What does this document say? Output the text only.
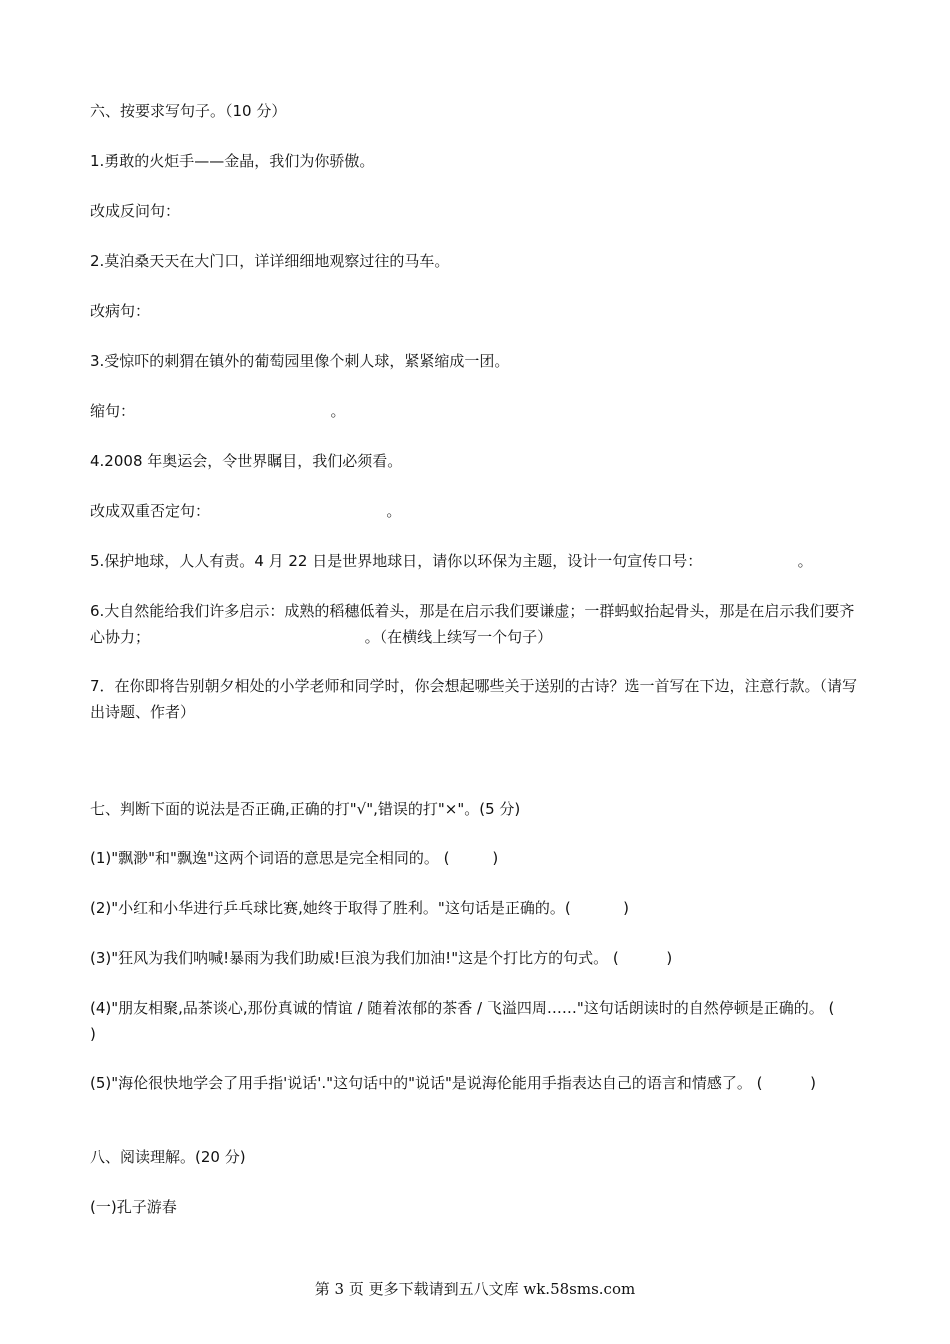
六、按要求写句子。（10 分）
1.勇敢的火炬手——金晶，我们为你骄傲。
改成反问句：
2.莫泊桑天天在大门口，详详细细地观察过往的马车。
改病句：
3.受惊吓的刺猬在镇外的葡萄园里像个刺人球，紧紧缩成一团。
缩句：                                         。
4.2008 年奥运会，令世界瞩目，我们必须看。
改成双重否定句：                                     。
5.保护地球，人人有责。4 月 22 日是世界地球日，请你以环保为主题，设计一句宣传口号：                    。
6.大自然能给我们许多启示：成熟的稻穗低着头，那是在启示我们要谦虚；一群蚂蚁抬起骨头，那是在启示我们要齐心协力；                                             。（在横线上续写一个句子）
7．在你即将告别朝夕相处的小学老师和同学时，你会想起哪些关于送别的古诗？选一首写在下边，注意行款。（请写出诗题、作者）
七、判断下面的说法是否正确,正确的打"√",错误的打"×"。(5 分)
(1)"飘渺"和"飘逸"这两个词语的意思是完全相同的。 (         )
(2)"小红和小华进行乒乓球比赛,她终于取得了胜利。"这句话是正确的。(           )
(3)"狂风为我们呐喊!暴雨为我们助威!巨浪为我们加油!"这是个打比方的句式。 (          )
(4)"朋友相聚,品茶谈心,那份真诚的情谊 / 随着浓郁的茶香 / 飞溢四周……"这句话朗读时的自然停顿是正确的。 (         )
(5)"海伦很快地学会了用手指'说话'."这句话中的"说话"是说海伦能用手指表达自己的语言和情感了。 (          )
八、阅读理解。(20 分)
(一)孔子游春
第 3 页 更多下载请到五八文库 wk.58sms.com
